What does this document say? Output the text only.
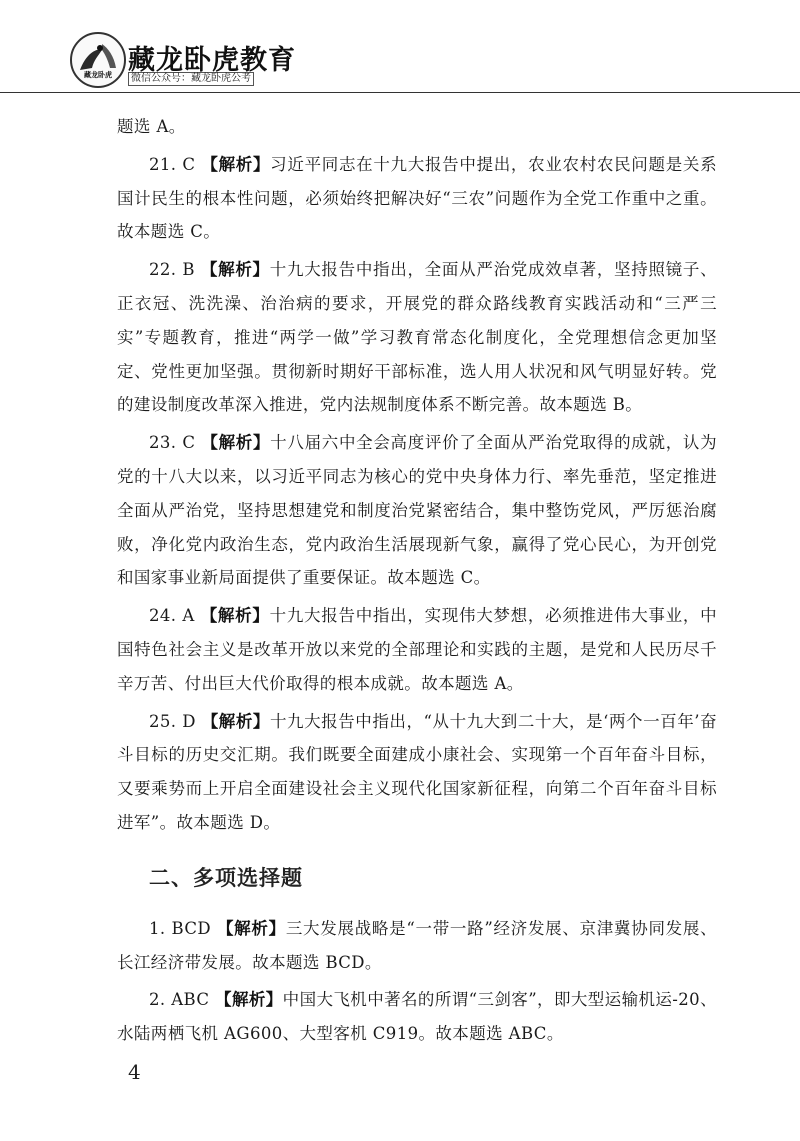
藏龙卧虎 藏龙卧虎教育
微信公众号：藏龙卧虎公考

题选 A。

21. C 【解析】习近平同志在十九大报告中提出，农业农村农民问题是关系国计民生的根本性问题，必须始终把解决好“三农”问题作为全党工作重中之重。故本题选 C。

22. B 【解析】十九大报告中指出，全面从严治党成效卓著，坚持照镜子、正衣冠、洗洗澡、治治病的要求，开展党的群众路线教育实践活动和“三严三实”专题教育，推进“两学一做”学习教育常态化制度化，全党理想信念更加坚定、党性更加坚强。贯彻新时期好干部标准，选人用人状况和风气明显好转。党的建设制度改革深入推进，党内法规制度体系不断完善。故本题选 B。

23. C 【解析】十八届六中全会高度评价了全面从严治党取得的成就，认为党的十八大以来，以习近平同志为核心的党中央身体力行、率先垂范，坚定推进全面从严治党，坚持思想建党和制度治党紧密结合，集中整饬党风，严厉惩治腐败，净化党内政治生态，党内政治生活展现新气象，赢得了党心民心，为开创党和国家事业新局面提供了重要保证。故本题选 C。

24. A 【解析】十九大报告中指出，实现伟大梦想，必须推进伟大事业，中国特色社会主义是改革开放以来党的全部理论和实践的主题，是党和人民历尽千辛万苦、付出巨大代价取得的根本成就。故本题选 A。

25. D 【解析】十九大报告中指出，“从十九大到二十大，是‘两个一百年’奋斗目标的历史交汇期。我们既要全面建成小康社会、实现第一个百年奋斗目标，又要乘势而上开启全面建设社会主义现代化国家新征程，向第二个百年奋斗目标进军”。故本题选 D。

二、多项选择题

1. BCD 【解析】三大发展战略是“一带一路”经济发展、京津冀协同发展、长江经济带发展。故本题选 BCD。

2. ABC 【解析】中国大飞机中著名的所谓“三剑客”，即大型运输机运-20、水陆两栖飞机 AG600、大型客机 C919。故本题选 ABC。

4
